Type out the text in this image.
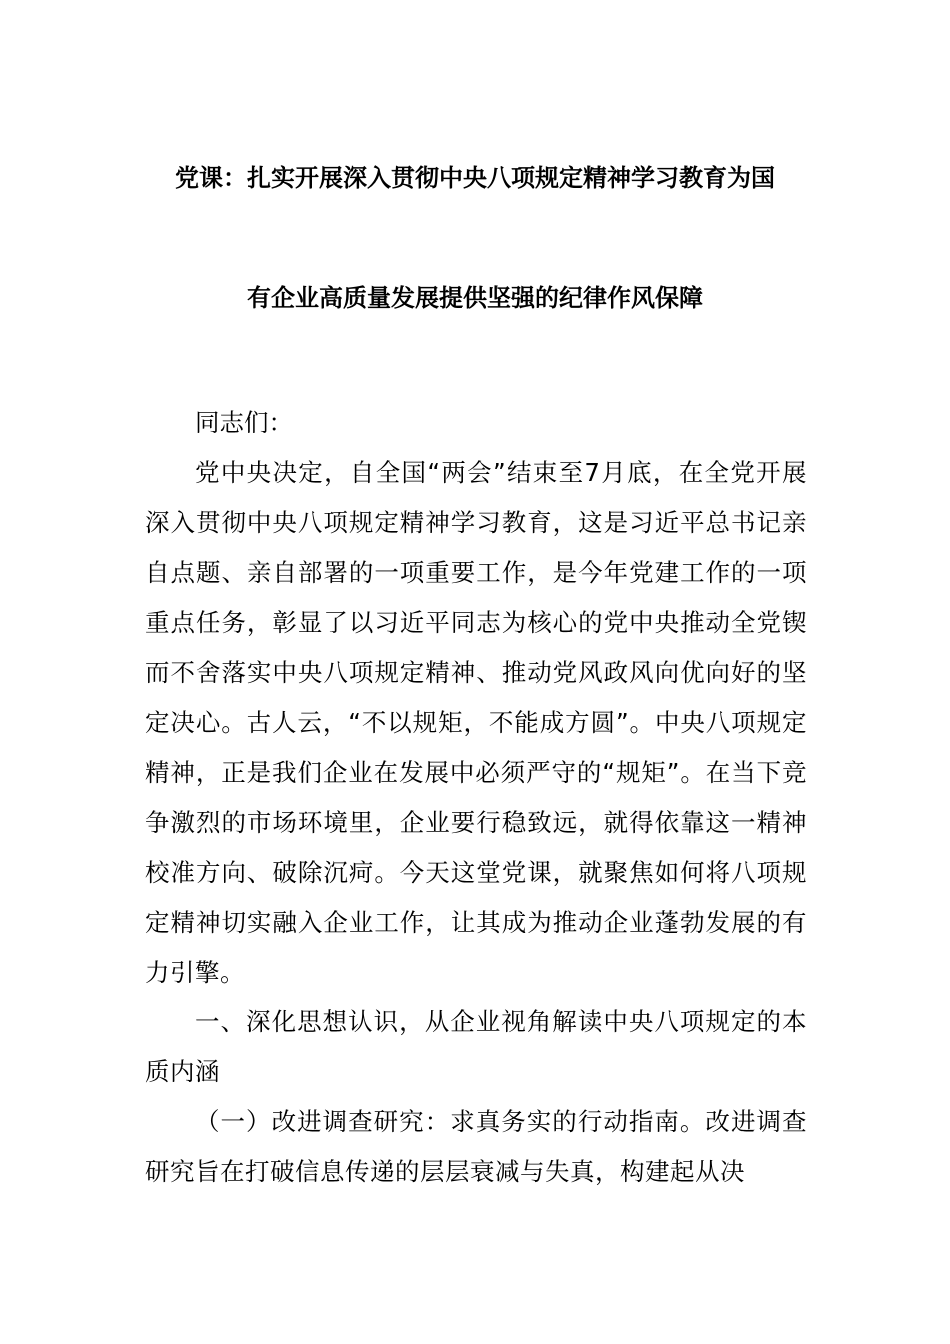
党课：扎实开展深入贯彻中央八项规定精神学习教育为国
有企业高质量发展提供坚强的纪律作风保障
同志们：

党中央决定，自全国“两会”结束至7月底，在全党开展深入贯彻中央八项规定精神学习教育，这是习近平总书记亲自点题、亲自部署的一项重要工作，是今年党建工作的一项重点任务，彰显了以习近平同志为核心的党中央推动全党锲而不舍落实中央八项规定精神、推动党风政风向优向好的坚定决心。古人云，“不以规矩，不能成方圆”。中央八项规定精神，正是我们企业在发展中必须严守的“规矩”。在当下竞争激烈的市场环境里，企业要行稳致远，就得依靠这一精神校准方向、破除沉疴。今天这堂党课，就聚焦如何将八项规定精神切实融入企业工作，让其成为推动企业蓬勃发展的有力引擎。

一、深化思想认识，从企业视角解读中央八项规定的本质内涵

（一）改进调查研究：求真务实的行动指南。改进调查研究旨在打破信息传递的层层衰减与失真，构建起从决
